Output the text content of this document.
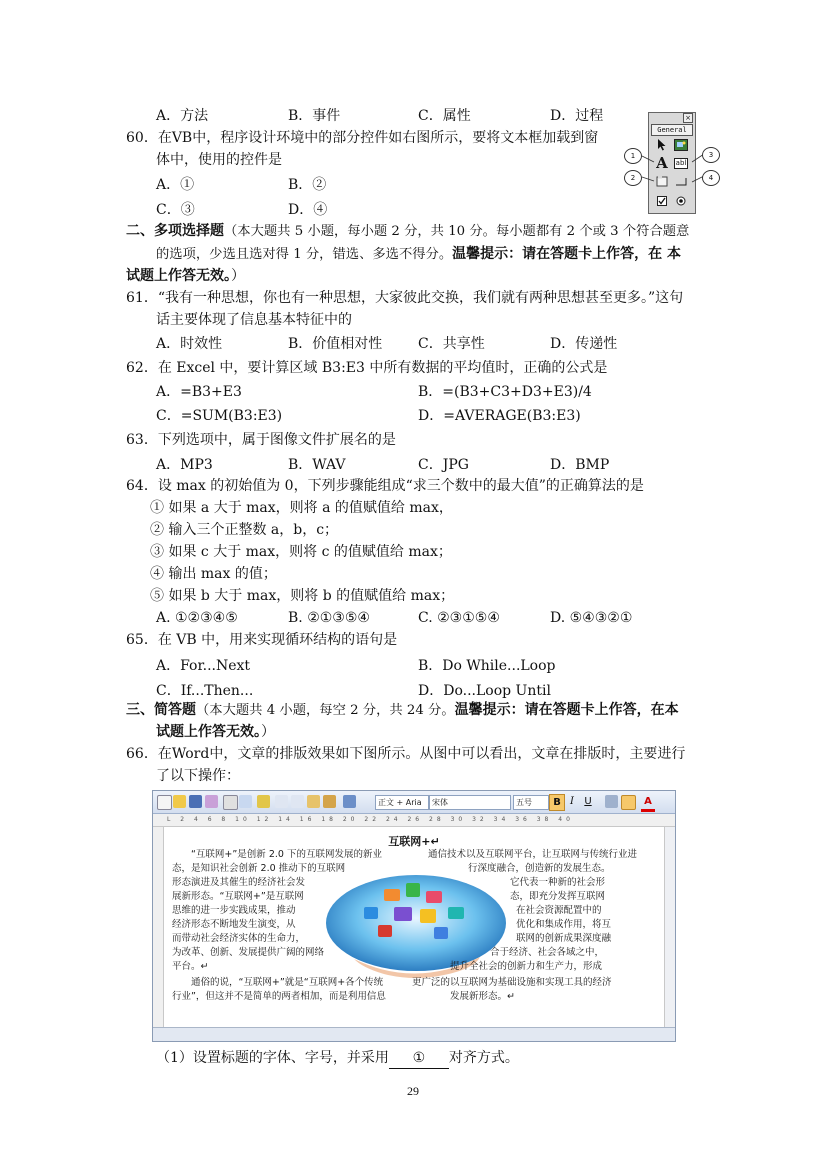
A．方法	B．事件	C．属性	D．过程
60．在VB中，程序设计环境中的部分控件如右图所示，要将文本框加载到窗
体中，使用的控件是
A．①	B．②
C．③	D．④
×
General
A	abl
1	3
2	4
二、多项选择题（本大题共 5 小题，每小题 2 分，共 10 分。每小题都有 2 个或 3 个符合题意
的选项，少选且选对得 1 分，错选、多选不得分。温馨提示：请在答题卡上作答，在 本
试题上作答无效。）
61．“我有一种思想，你也有一种思想，大家彼此交换，我们就有两种思想甚至更多。”这句
话主要体现了信息基本特征中的
A．时效性	B．价值相对性	C．共享性	D．传递性
62．在 Excel 中，要计算区域 B3:E3 中所有数据的平均值时，正确的公式是
A．=B3+E3	B．=(B3+C3+D3+E3)/4
C．=SUM(B3:E3)	D．=AVERAGE(B3:E3)
63．下列选项中，属于图像文件扩展名的是
A．MP3	B．WAV	C．JPG	D．BMP
64．设 max 的初始值为 0，下列步骤能组成“求三个数中的最大值”的正确算法的是
① 如果 a 大于 max，则将 a 的值赋值给 max，
② 输入三个正整数 a，b，c；
③ 如果 c 大于 max，则将 c 的值赋值给 max；
④ 输出 max 的值；
⑤ 如果 b 大于 max，则将 b 的值赋值给 max；
A. ①②③④⑤	B. ②①③⑤④	C. ②③①⑤④	D. ⑤④③②①
65．在 VB 中，用来实现循环结构的语句是
A．For...Next	B．Do While...Loop
C．If...Then...	D．Do...Loop Until
三、简答题（本大题共 4 小题，每空 2 分，共 24 分。温馨提示：请在答题卡上作答，在本
试题上作答无效。）
66．在Word中，文章的排版效果如下图所示。从图中可以看出，文章在排版时，主要进行
了以下操作：
正文 + Aria	宋体	五号	B I	U	A
L 2 4 6 8 10 12 14 16 18 20 22 24 26 28 30 32 34 36 38 40
互联网+↵
　　“互联网+”是创新 2.0 下的互联网发展的新业
态，是知识社会创新 2.0 推动下的互联网
形态演进及其催生的经济社会发
展新形态。“互联网+”是互联网
思维的进一步实践成果，推动
经济形态不断地发生演变，从
而带动社会经济实体的生命力，
为改革、创新、发展提供广阔的网络
平台。↵
　　通俗的说，“互联网+”就是“互联网+各个传统
行业”，但这并不是简单的两者相加，而是利用信息
通信技术以及互联网平台，让互联网与传统行业进
行深度融合，创造新的发展生态。
它代表一种新的社会形
态，即充分发挥互联网
在社会资源配置中的
优化和集成作用，将互
联网的创新成果深度融
合于经济、社会各域之中，
提升全社会的创新力和生产力，形成
更广泛的以互联网为基础设施和实现工具的经济
发展新形态。↵
（1）设置标题的字体、字号，并采用 ① 对齐方式。
29
